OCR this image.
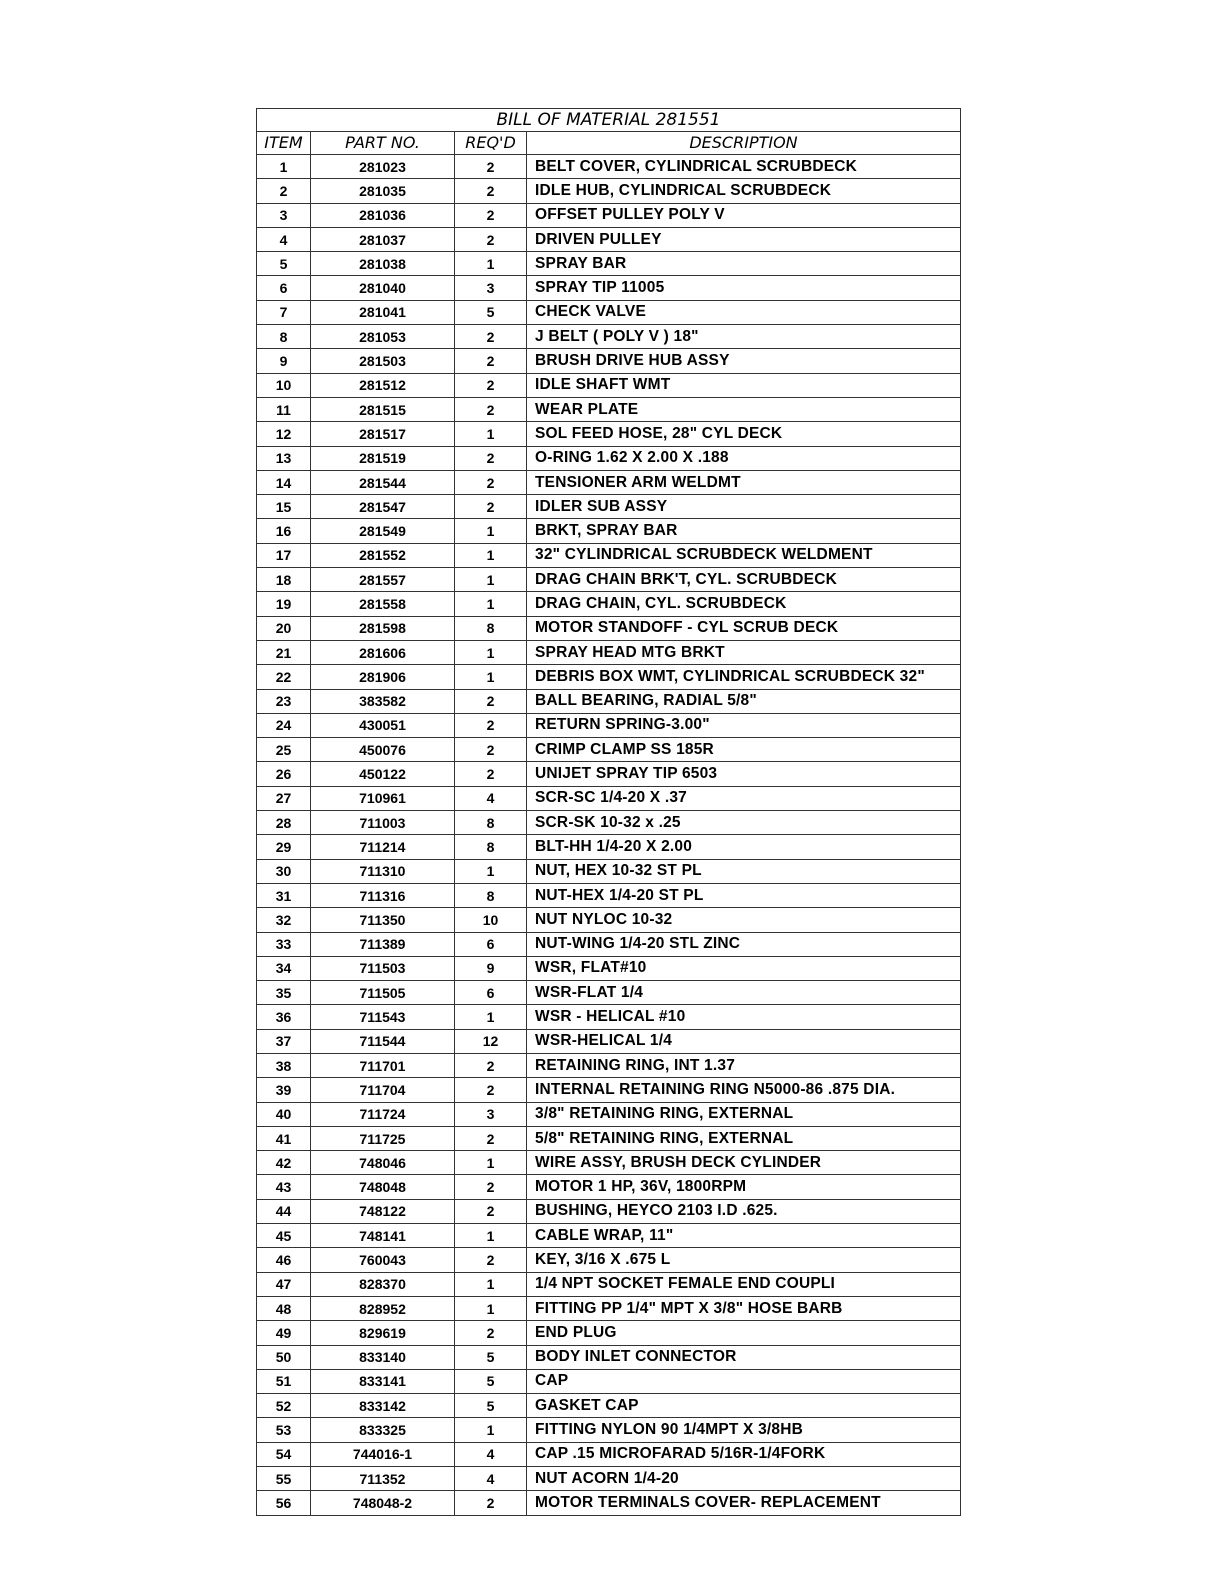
BILL OF MATERIAL 281551			
ITEM	PART NO.	REQ'D	DESCRIPTION
1	281023	2	BELT COVER, CYLINDRICAL SCRUBDECK
2	281035	2	IDLE HUB, CYLINDRICAL SCRUBDECK
3	281036	2	OFFSET PULLEY POLY V
4	281037	2	DRIVEN PULLEY
5	281038	1	SPRAY BAR
6	281040	3	SPRAY TIP 11005
7	281041	5	CHECK VALVE
8	281053	2	J BELT ( POLY V ) 18"
9	281503	2	BRUSH DRIVE HUB ASSY
10	281512	2	IDLE SHAFT WMT
11	281515	2	WEAR PLATE
12	281517	1	SOL FEED HOSE, 28" CYL DECK
13	281519	2	O-RING 1.62 X 2.00 X .188
14	281544	2	TENSIONER ARM WELDMT
15	281547	2	IDLER SUB ASSY
16	281549	1	BRKT, SPRAY BAR
17	281552	1	32" CYLINDRICAL SCRUBDECK WELDMENT
18	281557	1	DRAG CHAIN BRK'T, CYL. SCRUBDECK
19	281558	1	DRAG CHAIN, CYL. SCRUBDECK
20	281598	8	MOTOR STANDOFF - CYL SCRUB DECK
21	281606	1	SPRAY HEAD MTG BRKT
22	281906	1	DEBRIS BOX WMT, CYLINDRICAL SCRUBDECK 32"
23	383582	2	BALL BEARING, RADIAL 5/8"
24	430051	2	RETURN SPRING-3.00"
25	450076	2	CRIMP CLAMP SS 185R
26	450122	2	UNIJET SPRAY TIP 6503
27	710961	4	SCR-SC 1/4-20 X .37
28	711003	8	SCR-SK 10-32 x .25
29	711214	8	BLT-HH 1/4-20 X 2.00
30	711310	1	NUT, HEX 10-32 ST PL
31	711316	8	NUT-HEX 1/4-20 ST PL
32	711350	10	NUT NYLOC 10-32
33	711389	6	NUT-WING 1/4-20 STL ZINC
34	711503	9	WSR, FLAT#10
35	711505	6	WSR-FLAT 1/4
36	711543	1	WSR - HELICAL #10
37	711544	12	WSR-HELICAL 1/4
38	711701	2	RETAINING RING, INT 1.37
39	711704	2	INTERNAL RETAINING RING N5000-86 .875 DIA.
40	711724	3	3/8" RETAINING RING, EXTERNAL
41	711725	2	5/8" RETAINING RING, EXTERNAL
42	748046	1	WIRE ASSY, BRUSH DECK CYLINDER
43	748048	2	MOTOR 1 HP, 36V, 1800RPM
44	748122	2	BUSHING, HEYCO 2103 I.D .625.
45	748141	1	CABLE WRAP, 11"
46	760043	2	KEY, 3/16 X .675 L
47	828370	1	1/4 NPT SOCKET FEMALE END COUPLI
48	828952	1	FITTING PP 1/4" MPT X 3/8" HOSE BARB
49	829619	2	END PLUG
50	833140	5	BODY INLET CONNECTOR
51	833141	5	CAP
52	833142	5	GASKET CAP
53	833325	1	FITTING NYLON 90 1/4MPT X 3/8HB
54	744016-1	4	CAP .15 MICROFARAD 5/16R-1/4FORK
55	711352	4	NUT ACORN 1/4-20
56	748048-2	2	MOTOR TERMINALS COVER- REPLACEMENT
